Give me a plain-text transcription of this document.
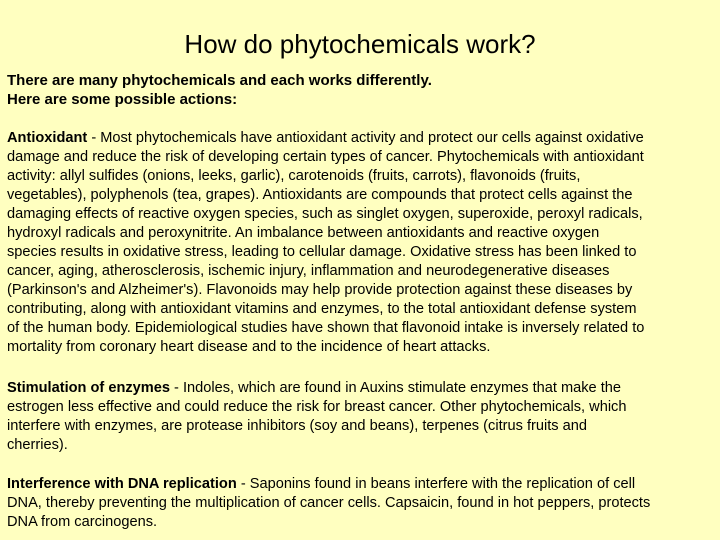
How do phytochemicals work?
There are many phytochemicals and each works differently.
Here are some possible actions:
Antioxidant - Most phytochemicals have antioxidant activity and protect our cells against oxidative
damage and reduce the risk of developing certain types of cancer. Phytochemicals with antioxidant
activity: allyl sulfides (onions, leeks, garlic), carotenoids (fruits, carrots), flavonoids (fruits,
vegetables), polyphenols (tea, grapes). Antioxidants are compounds that protect cells against the
damaging effects of reactive oxygen species, such as singlet oxygen, superoxide, peroxyl radicals,
hydroxyl radicals and peroxynitrite. An imbalance between antioxidants and reactive oxygen
species results in oxidative stress, leading to cellular damage. Oxidative stress has been linked to
cancer, aging, atherosclerosis, ischemic injury, inflammation and neurodegenerative diseases
(Parkinson's and Alzheimer's). Flavonoids may help provide protection against these diseases by
contributing, along with antioxidant vitamins and enzymes, to the total antioxidant defense system
of the human body. Epidemiological studies have shown that flavonoid intake is inversely related to
mortality from coronary heart disease and to the incidence of heart attacks.
Stimulation of enzymes - Indoles, which are found in Auxins stimulate enzymes that make the
estrogen less effective and could reduce the risk for breast cancer. Other phytochemicals, which
interfere with enzymes, are protease inhibitors (soy and beans), terpenes (citrus fruits and
cherries).
Interference with DNA replication - Saponins found in beans interfere with the replication of cell
DNA, thereby preventing the multiplication of cancer cells. Capsaicin, found in hot peppers, protects
DNA from carcinogens.
